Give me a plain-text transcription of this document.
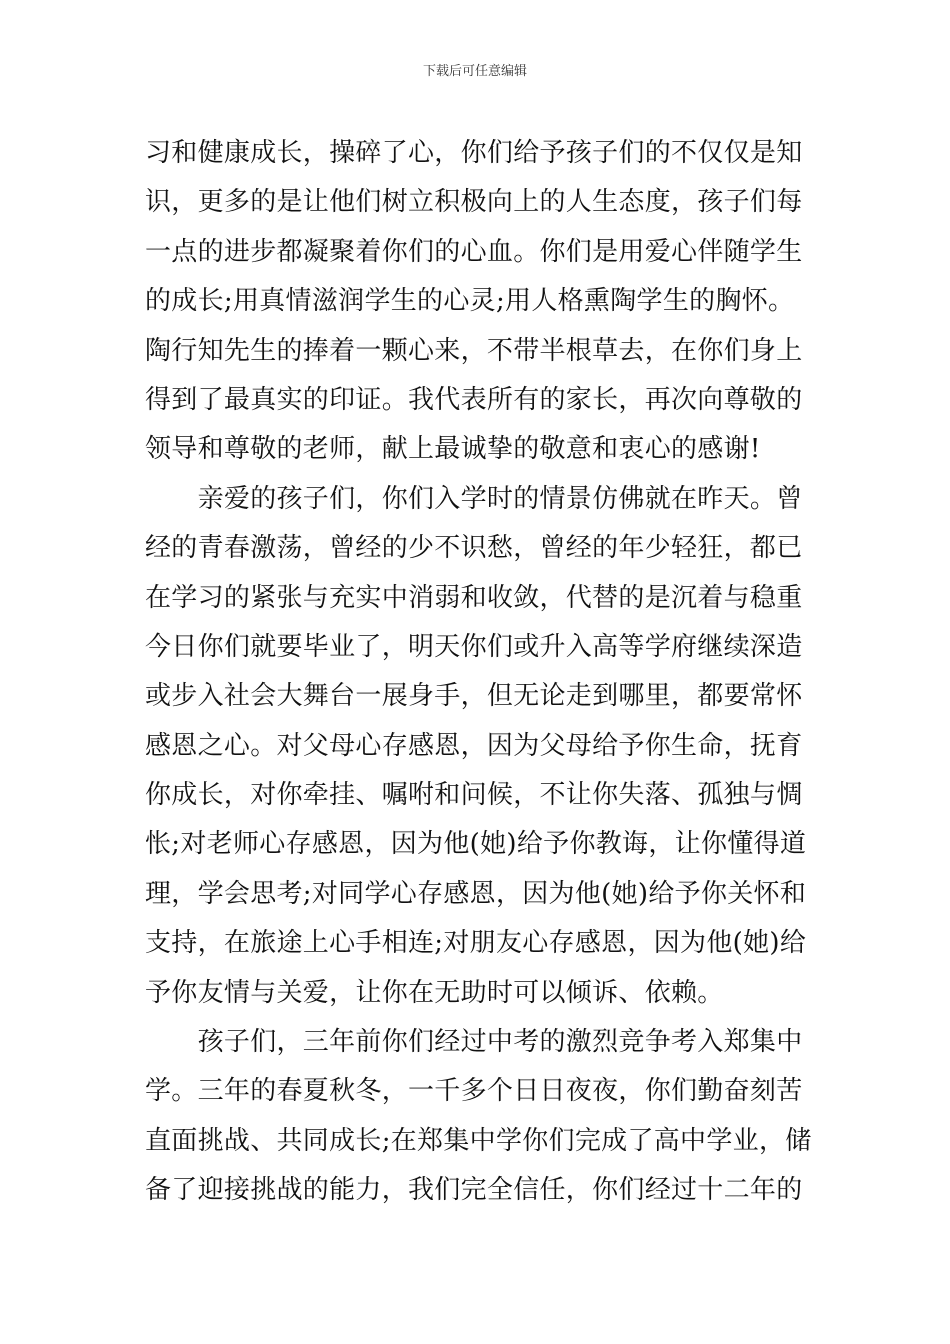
下载后可任意编辑
习和健康成长，操碎了心，你们给予孩子们的不仅仅是知
识，更多的是让他们树立积极向上的人生态度，孩子们每
一点的进步都凝聚着你们的心血。你们是用爱心伴随学生
的成长;用真情滋润学生的心灵;用人格熏陶学生的胸怀。
陶行知先生的捧着一颗心来，不带半根草去，在你们身上
得到了最真实的印证。我代表所有的家长，再次向尊敬的
领导和尊敬的老师，献上最诚挚的敬意和衷心的感谢!
　　亲爱的孩子们，你们入学时的情景仿佛就在昨天。曾
经的青春激荡，曾经的少不识愁，曾经的年少轻狂，都已
在学习的紧张与充实中消弱和收敛，代替的是沉着与稳重
今日你们就要毕业了，明天你们或升入高等学府继续深造
或步入社会大舞台一展身手，但无论走到哪里，都要常怀
感恩之心。对父母心存感恩，因为父母给予你生命，抚育
你成长，对你牵挂、嘱咐和问候，不让你失落、孤独与惆
怅;对老师心存感恩，因为他(她)给予你教诲，让你懂得道
理，学会思考;对同学心存感恩，因为他(她)给予你关怀和
支持，在旅途上心手相连;对朋友心存感恩，因为他(她)给
予你友情与关爱，让你在无助时可以倾诉、依赖。
　　孩子们，三年前你们经过中考的激烈竞争考入郑集中
学。三年的春夏秋冬，一千多个日日夜夜，你们勤奋刻苦
直面挑战、共同成长;在郑集中学你们完成了高中学业，储
备了迎接挑战的能力，我们完全信任，你们经过十二年的
